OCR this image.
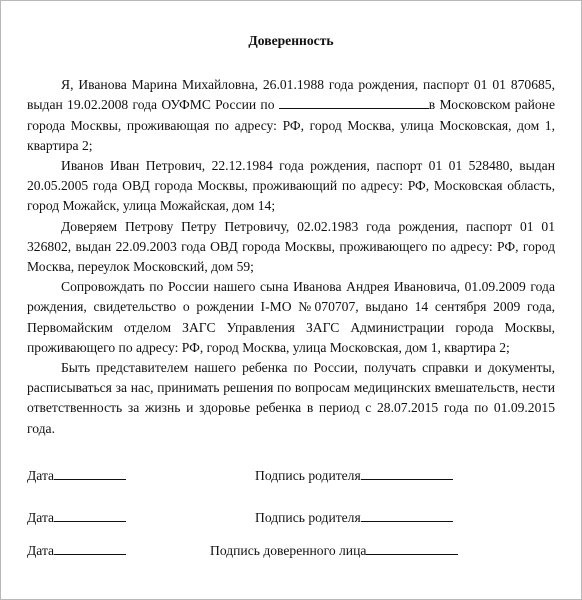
Доверенность

Я, Иванова Марина Михайловна, 26.01.1988 года рождения, паспорт 01 01 870685, выдан 19.02.2008 года ОУФМС России по	в Московском районе города Москвы, проживающая по адресу: РФ, город Москва, улица Московская, дом 1, квартира 2;

Иванов Иван Петрович, 22.12.1984 года рождения, паспорт 01 01 528480, выдан 20.05.2005 года ОВД города Москвы, проживающий по адресу: РФ, Московская область, город Можайск, улица Можайская, дом 14;

Доверяем Петрову Петру Петровичу, 02.02.1983 года рождения, паспорт 01 01 326802, выдан 22.09.2003 года ОВД города Москвы, проживающего по адресу: РФ, город Москва, переулок Московский, дом 59;

Сопровождать по России нашего сына Иванова Андрея Ивановича, 01.09.2009 года рождения, свидетельство о рождении I-МО №070707, выдано 14 сентября 2009 года, Первомайским отделом ЗАГС Управления ЗАГС Администрации города Москвы, проживающего по адресу: РФ, город Москва, улица Московская, дом 1, квартира 2;

Быть представителем нашего ребенка по России, получать справки и документы, расписываться за нас, принимать решения по вопросам медицинских вмешательств, нести ответственность за жизнь и здоровье ребенка в период с 28.07.2015 года по 01.09.2015 года.

Дата	Подпись родителя
Дата	Подпись родителя
Дата	Подпись доверенного лица
